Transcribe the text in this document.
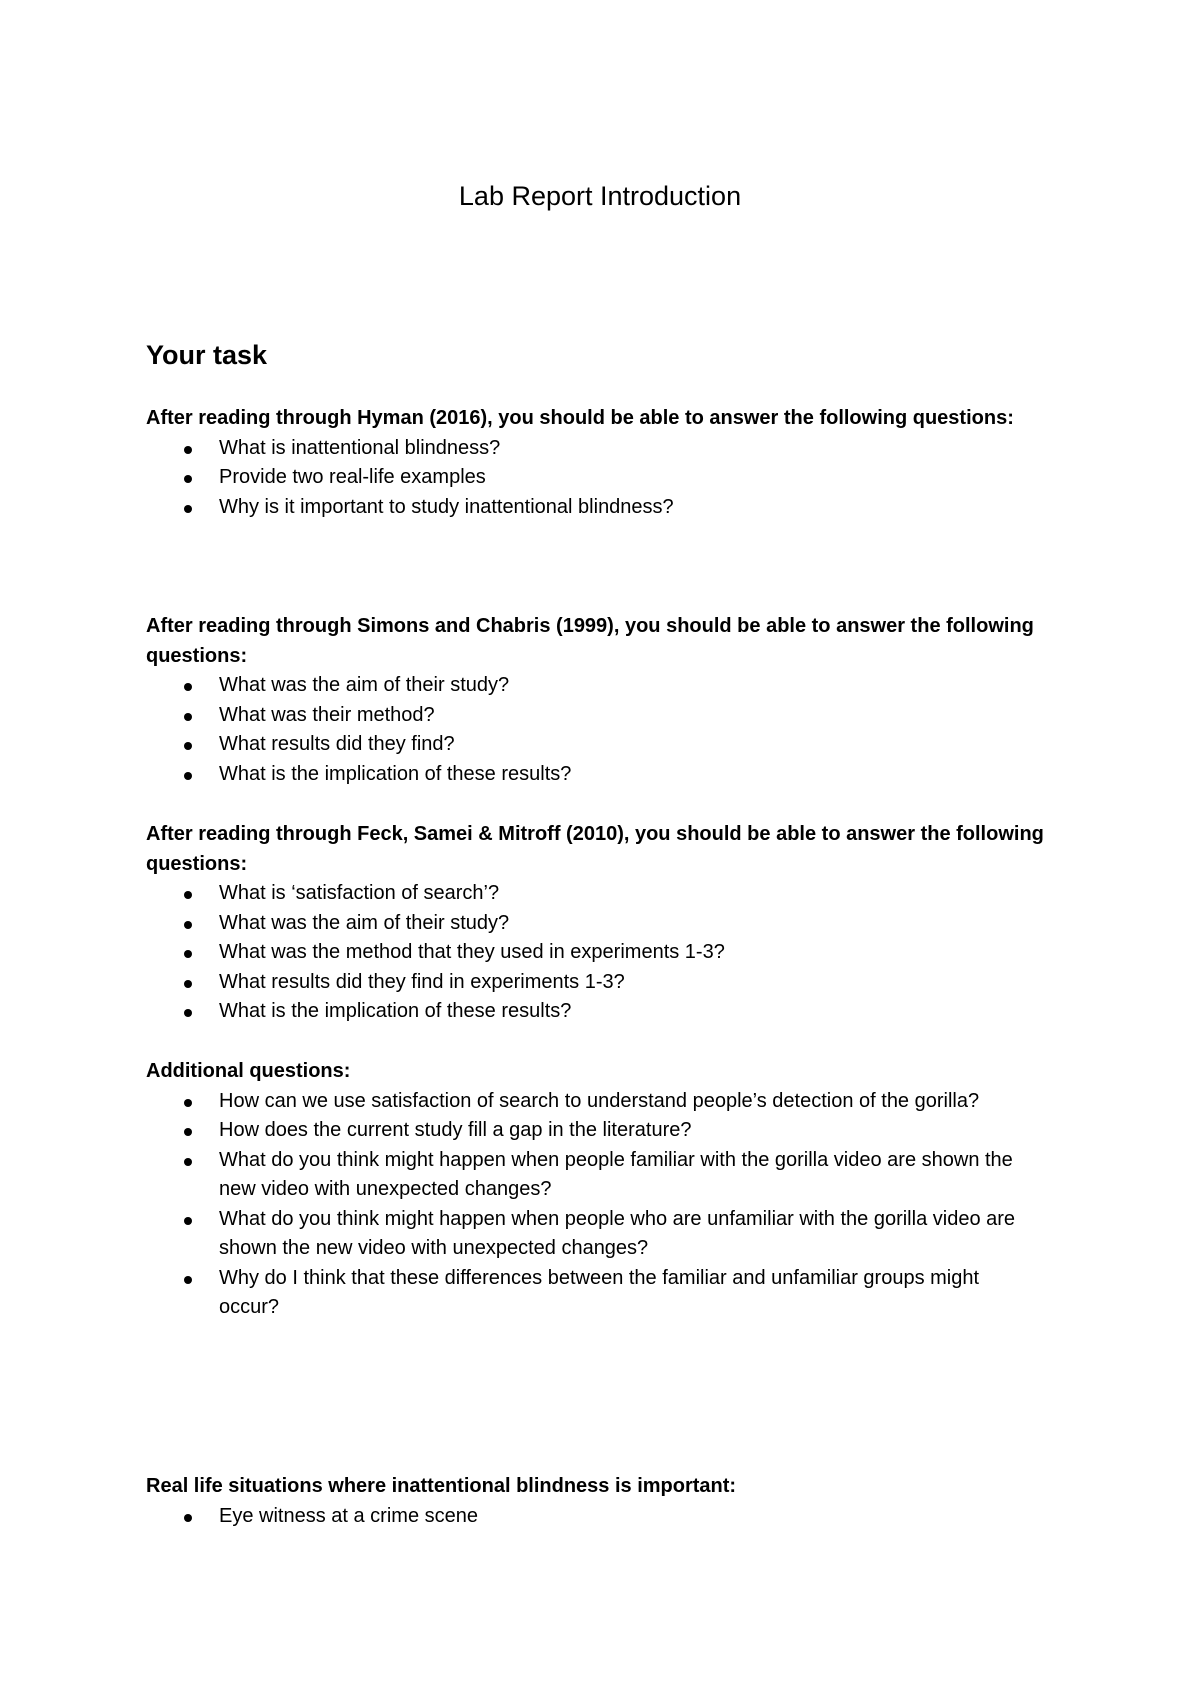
Lab Report Introduction
Your task

After reading through Hyman (2016), you should be able to answer the following questions:

What is inattentional blindness?
Provide two real-life examples
Why is it important to study inattentional blindness?

After reading through Simons and Chabris (1999), you should be able to answer the following questions:

What was the aim of their study?
What was their method?
What results did they find?
What is the implication of these results?

After reading through Feck, Samei & Mitroff (2010), you should be able to answer the following questions:

What is ‘satisfaction of search’?
What was the aim of their study?
What was the method that they used in experiments 1-3?
What results did they find in experiments 1-3?
What is the implication of these results?

Additional questions:

How can we use satisfaction of search to understand people’s detection of the gorilla?
How does the current study fill a gap in the literature?
What do you think might happen when people familiar with the gorilla video are shown the new video with unexpected changes?
What do you think might happen when people who are unfamiliar with the gorilla video are shown the new video with unexpected changes?
Why do I think that these differences between the familiar and unfamiliar groups might occur?

Real life situations where inattentional blindness is important:

Eye witness at a crime scene
